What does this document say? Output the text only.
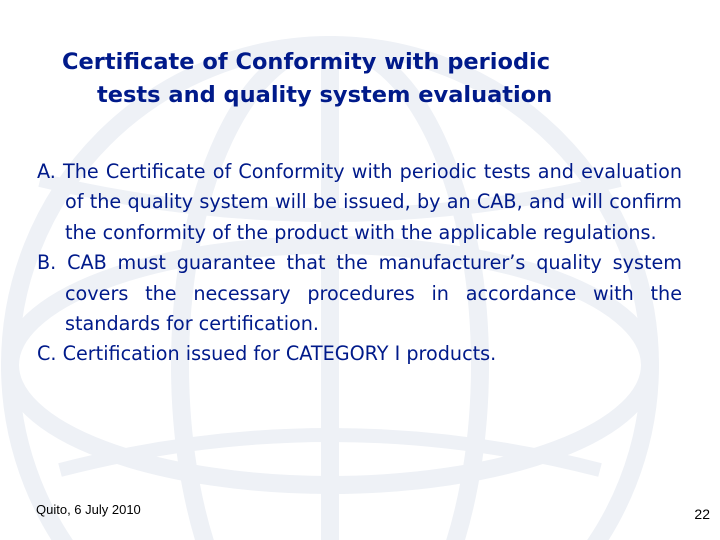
Certificate of Conformity with periodic
tests and quality system evaluation
A. The Certificate of Conformity with periodic tests and evaluation of the quality system will be issued, by an CAB, and will confirm the conformity of the product with the applicable regulations.
B. CAB must guarantee that the manufacturer’s quality system covers the necessary procedures in accordance with the standards for certification.
C. Certification issued for CATEGORY I products.
Quito, 6 July 2010	22
